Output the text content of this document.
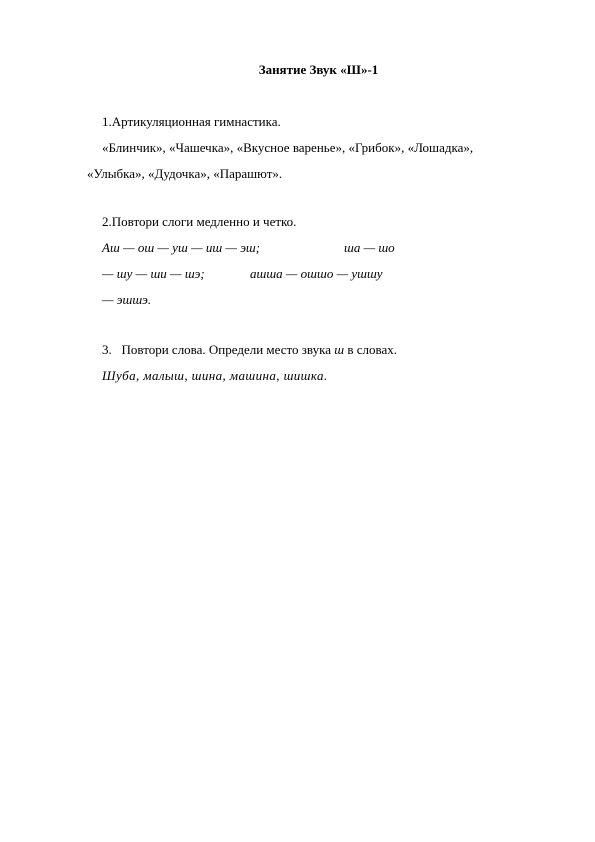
Занятие Звук «Ш»-1
1.Артикуляционная гимнастика.
«Блинчик», «Чашечка», «Вкусное варенье», «Грибок», «Лошадка»,
«Улыбка», «Дудочка», «Парашют».
2.Повтори слоги медленно и четко.
Аш — ош — уш — иш — эш;	ша — шо
— шу — ши — шэ;	ашша — ошшо — ушшу
— эшшэ.
3. Повтори слова. Определи место звука ш в словах.
Шуба, малыш, шина, машина, шишка.
